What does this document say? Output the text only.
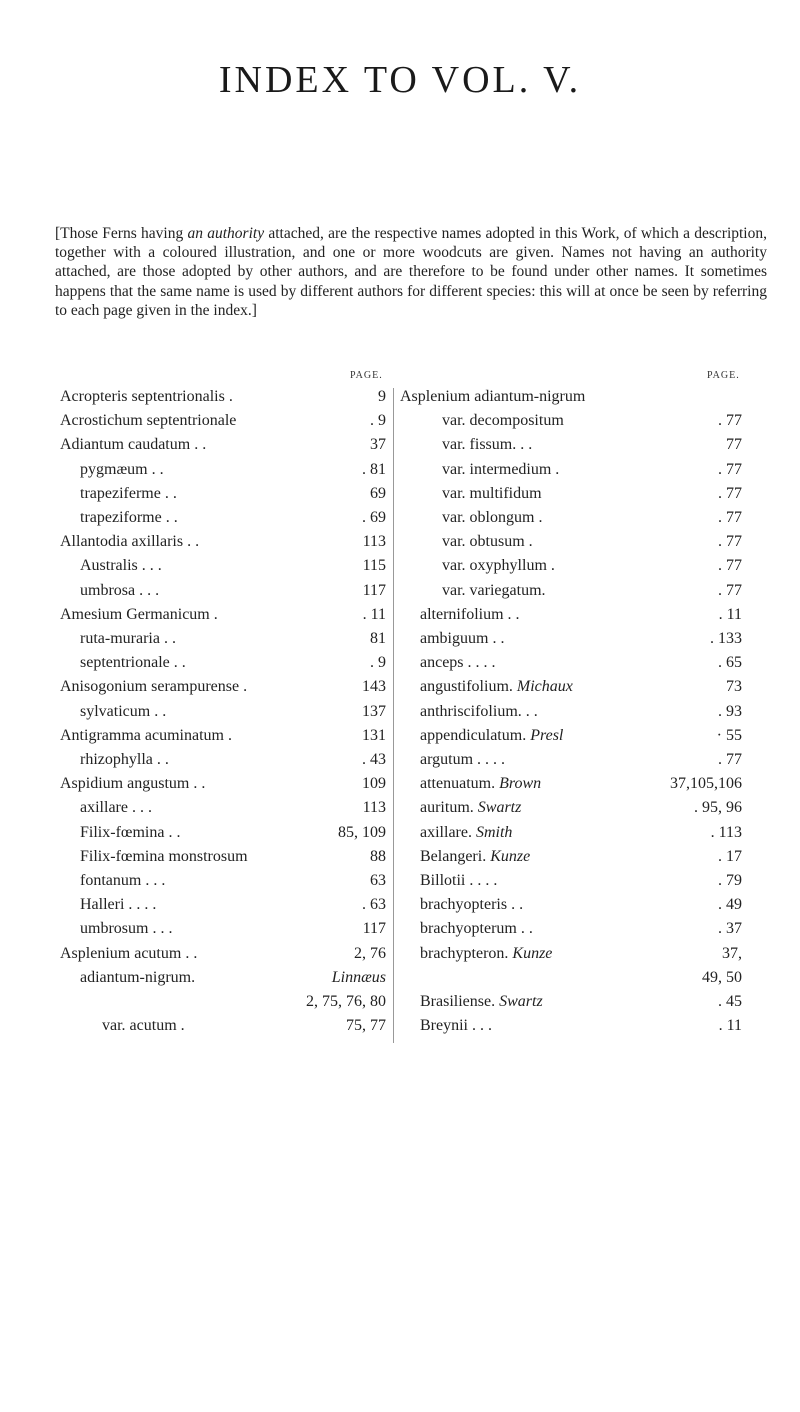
INDEX TO VOL. V.
[Those Ferns having an authority attached, are the respective names adopted in this Work, of which a description, together with a coloured illustration, and one or more woodcuts are given. Names not having an authority attached, are those adopted by other authors, and are therefore to be found under other names. It sometimes happens that the same name is used by different authors for different species: this will at once be seen by referring to each page given in the index.]
PAGE.	PAGE.
Acropteris septentrionalis .	9
Acrostichum septentrionale	. 9
Adiantum caudatum . .	37
pygmæum . .	. 81
trapeziferme . .	69
trapeziforme . .	. 69
Allantodia axillaris . .	113
Australis . . .	115
umbrosa . . .	117
Amesium Germanicum .	. 11
ruta-muraria . .	81
septentrionale . .	. 9
Anisogonium serampurense .	143
sylvaticum . .	137
Antigramma acuminatum .	131
rhizophylla . .	. 43
Aspidium angustum . .	109
axillare . . .	113
Filix-fœmina . .	85, 109
Filix-fœmina monstrosum	88
fontanum . . .	63
Halleri . . . .	. 63
umbrosum . . .	117
Asplenium acutum . .	2, 76
adiantum-nigrum.	Linnæus
2, 75, 76, 80
var. acutum .	75, 77
Asplenium adiantum-nigrum
var. decompositum	. 77
var. fissum. . .	77
var. intermedium .	. 77
var. multifidum	. 77
var. oblongum .	. 77
var. obtusum .	. 77
var. oxyphyllum .	. 77
var. variegatum.	. 77
alternifolium . .	. 11
ambiguum . .	. 133
anceps . . . .	. 65
angustifolium. Michaux	73
anthriscifolium. . .	. 93
appendiculatum. Presl	· 55
argutum . . . .	. 77
attenuatum. Brown	37,105,106
auritum. Swartz	. 95, 96
axillare. Smith	. 113
Belangeri. Kunze	. 17
Billotii . . . .	. 79
brachyopteris . .	. 49
brachyopterum . .	. 37
brachypteron. Kunze	37,
49, 50
Brasiliense. Swartz	. 45
Breynii . . .	. 11
